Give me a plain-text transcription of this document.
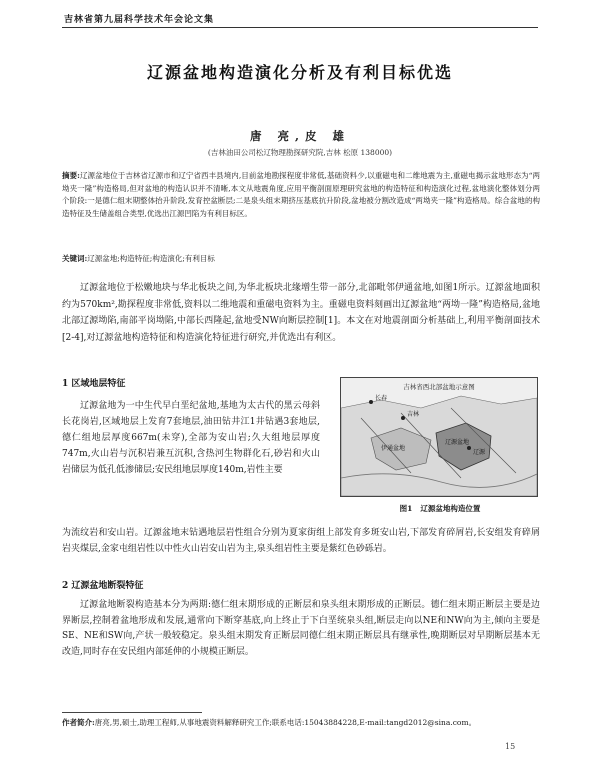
吉林省第九届科学技术年会论文集
辽源盆地构造演化分析及有利目标优选
唐 亮,皮 雄
(吉林油田公司松辽物理勘探研究院,吉林 松原 138000)
摘要:辽源盆地位于吉林省辽源市和辽宁省西丰县境内,目前盆地勘探程度非常低,基础资料少,以重磁电和二维地震为主,重磁电揭示盆地形态为“两坳夹一隆”构造格局,但对盆地的构造认识并不清晰,本文从地震角度,应用平衡剖面原理研究盆地的构造特征和构造演化过程,盆地演化整体划分两个阶段:一是德仁组末期整体抬升阶段,发育控盆断层;二是泉头组末期挤压基底抗升阶段,盆地被分割改造成“两坳夹一隆”构造格局。综合盆地的构造特征及生储盖组合类型,优选出江源凹陷为有利目标区。
关键词:辽源盆地;构造特征;构造演化;有利目标
辽源盆地位于松嫩地块与华北板块之间,为华北板块北缘增生带一部分,北部毗邻伊通盆地,如图1所示。辽源盆地面积约为570km²,勘探程度非常低,资料以二维地震和重磁电资料为主。重磁电资料刻画出辽源盆地“两坳一隆”构造格局,盆地北部辽源坳陷,南部平岗坳陷,中部长西隆起,盆地受NW向断层控制[1]。本文在对地震剖面分析基础上,利用平衡剖面技术[2-4],对辽源盆地构造特征和构造演化特征进行研究,并优选出有利区。
1 区域地层特征
辽源盆地为一中生代早白垩纪盆地,基地为太古代的黑云母斜长花岗岩,区域地层上发育7套地层,油田钻井江1井钻遇3套地层,德仁组地层厚度667m(未穿),全部为安山岩;久大组地层厚度747m,火山岩与沉积岩兼互沉积,含热河生物群化石,砂岩和火山岩储层为低孔低渗储层;安民组地层厚度140m,岩性主要
为流纹岩和安山岩。辽源盆地末钻遇地层岩性组合分别为夏家街组上部发育多斑安山岩,下部发育碎屑岩,长安组发育碎屑岩夹煤层,金家屯组岩性以中性火山岩安山岩为主,泉头组岩性主要是紫红色砂砾岩。
吉林省西北部盆地示意图
伊通盆地
辽源盆地
吉林
辽源
长春
图1 辽源盆地构造位置
2 辽源盆地断裂特征
辽源盆地断裂构造基本分为两期:德仁组末期形成的正断层和泉头组末期形成的正断层。德仁组末期正断层主要是边界断层,控制着盆地形成和发展,通常向下断穿基底,向上终止于下白垩统泉头组,断层走向以NE和NW向为主,倾向主要是SE、NE和SW向,产状一般较稳定。泉头组末期发育正断层同德仁组末期正断层具有继承性,晚期断层对早期断层基本无改造,同时存在安民组内部延伸的小规模正断层。
作者简介:唐亮,男,硕士,助理工程师,从事地震资料解释研究工作;联系电话:15043884228,E-mail:tangd2012@sina.com。
15
